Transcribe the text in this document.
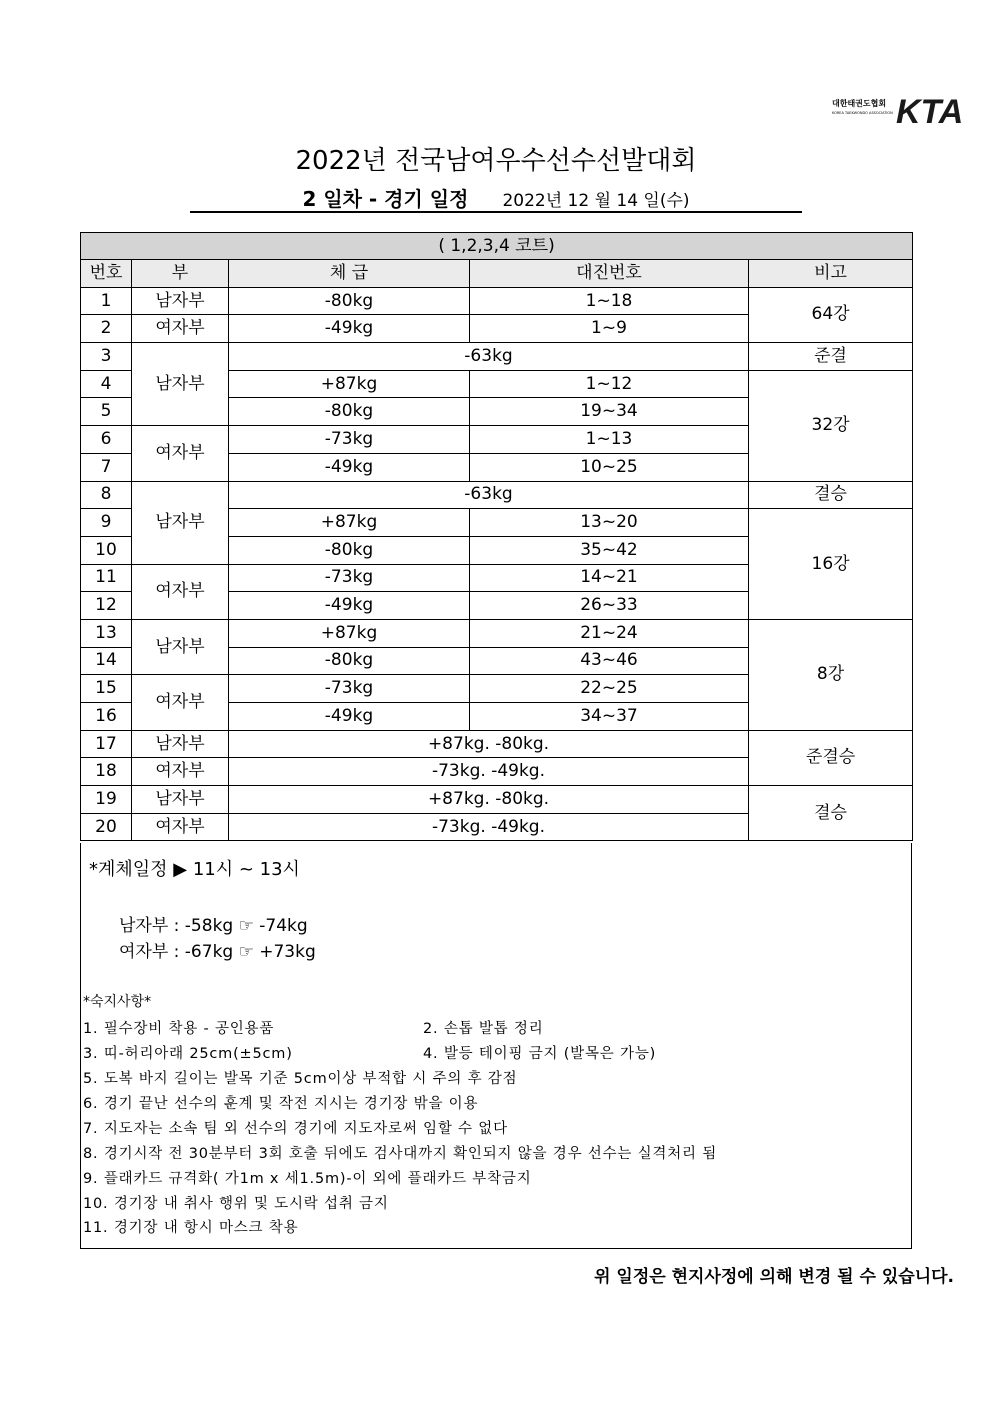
대한태권도협회
KOREA TAEKWONDO ASSOCIATION KTA
2022년 전국남여우수선수선발대회
2 일차 - 경기 일정 2022년 12 월 14 일(수)
( 1,2,3,4 코트)				
번호	부	체 급	대진번호	비고
1	남자부	-80kg	1~18	64강
2	여자부	-49kg	1~9	
3	남자부	-63kg		준결
4		+87kg	1~12	32강
5		-80kg	19~34	
6	여자부	-73kg	1~13	
7		-49kg	10~25	
8	남자부	-63kg		결승
9		+87kg	13~20	16강
10		-80kg	35~42	
11	여자부	-73kg	14~21	
12		-49kg	26~33	
13	남자부	+87kg	21~24	8강
14		-80kg	43~46	
15	여자부	-73kg	22~25	
16		-49kg	34~37	
17	남자부	+87kg. -80kg.		준결승
18	여자부	-73kg. -49kg.		
19	남자부	+87kg. -80kg.		결승
20	여자부	-73kg. -49kg.		
*계체일정 ▶ 11시 ~ 13시
남자부 : -58kg ☞ -74kg
여자부 : -67kg ☞ +73kg
*숙지사항*
1. 필수장비 착용 - 공인용품	2. 손톱 발톱 정리
3. 띠-허리아래 25cm(±5cm)	4. 발등 테이핑 금지 (발목은 가능)
5. 도복 바지 길이는 발목 기준 5cm이상 부적합 시 주의 후 감점
6. 경기 끝난 선수의 훈계 및 작전 지시는 경기장 밖을 이용
7. 지도자는 소속 팀 외 선수의 경기에 지도자로써 임할 수 없다
8. 경기시작 전 30분부터 3회 호출 뒤에도 검사대까지 확인되지 않을 경우 선수는 실격처리 됨
9. 플래카드 규격화( 가1m x 세1.5m)-이 외에 플래카드 부착금지
10. 경기장 내 취사 행위 및 도시락 섭취 금지
11. 경기장 내 항시 마스크 착용
위 일정은 현지사정에 의해 변경 될 수 있습니다.
